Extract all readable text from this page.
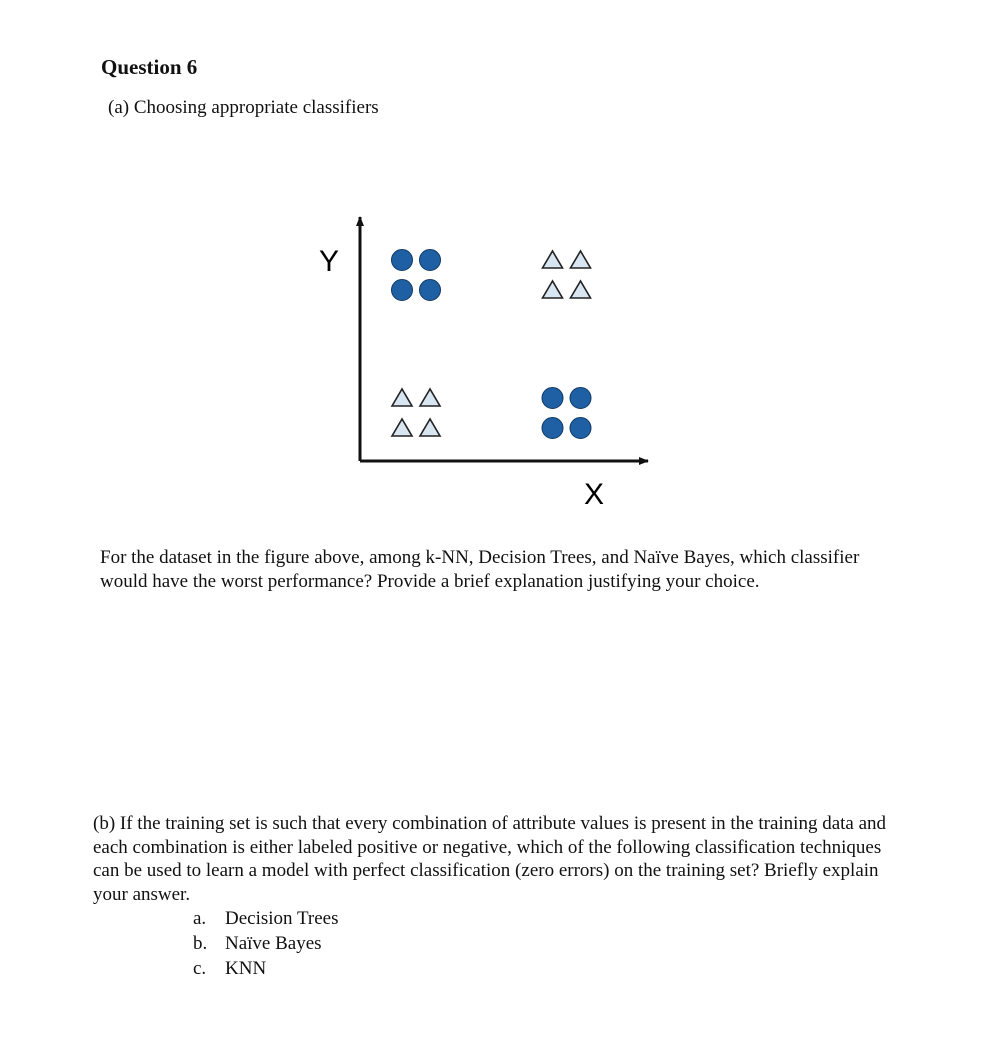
Question 6
(a) Choosing appropriate classifiers
Y
X
For the dataset in the figure above, among k-NN, Decision Trees, and Naïve Bayes, which classifier would have the worst performance? Provide a brief explanation justifying your choice.
(b) If the training set is such that every combination of attribute values is present in the training data and each combination is either labeled positive or negative, which of the following classification techniques can be used to learn a model with perfect classification (zero errors) on the training set? Briefly explain your answer.
a. Decision Trees
b. Naïve Bayes
c. KNN
